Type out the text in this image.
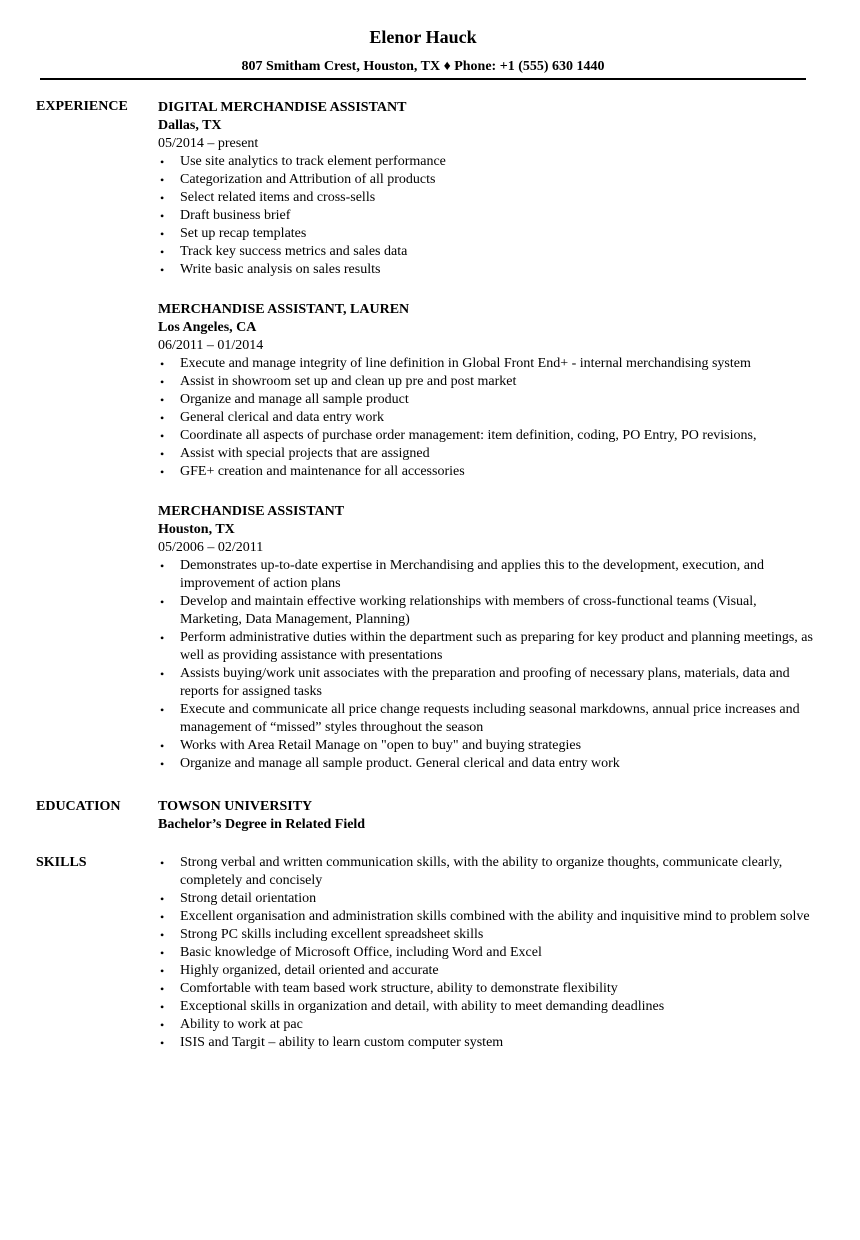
Elenor Hauck
807 Smitham Crest, Houston, TX ♦ Phone: +1 (555) 630 1440
EXPERIENCE DIGITAL MERCHANDISE ASSISTANT
Dallas, TX
05/2014 – present
• Use site analytics to track element performance
• Categorization and Attribution of all products
• Select related items and cross-sells
• Draft business brief
• Set up recap templates
• Track key success metrics and sales data
• Write basic analysis on sales results
MERCHANDISE ASSISTANT, LAUREN
Los Angeles, CA
06/2011 – 01/2014
• Execute and manage integrity of line definition in Global Front End+ - internal merchandising system
• Assist in showroom set up and clean up pre and post market
• Organize and manage all sample product
• General clerical and data entry work
• Coordinate all aspects of purchase order management: item definition, coding, PO Entry, PO revisions,
• Assist with special projects that are assigned
• GFE+ creation and maintenance for all accessories
MERCHANDISE ASSISTANT
Houston, TX
05/2006 – 02/2011
• Demonstrates up-to-date expertise in Merchandising and applies this to the development, execution, and improvement of action plans
• Develop and maintain effective working relationships with members of cross-functional teams (Visual, Marketing, Data Management, Planning)
• Perform administrative duties within the department such as preparing for key product and planning meetings, as well as providing assistance with presentations
• Assists buying/work unit associates with the preparation and proofing of necessary plans, materials, data and reports for assigned tasks
• Execute and communicate all price change requests including seasonal markdowns, annual price increases and management of “missed” styles throughout the season
• Works with Area Retail Manage on "open to buy" and buying strategies
• Organize and manage all sample product. General clerical and data entry work
EDUCATION	TOWSON UNIVERSITY
Bachelor’s Degree in Related Field
SKILLS	• Strong verbal and written communication skills, with the ability to organize thoughts, communicate clearly, completely and concisely
• Strong detail orientation
• Excellent organisation and administration skills combined with the ability and inquisitive mind to problem solve
• Strong PC skills including excellent spreadsheet skills
• Basic knowledge of Microsoft Office, including Word and Excel
• Highly organized, detail oriented and accurate
• Comfortable with team based work structure, ability to demonstrate flexibility
• Exceptional skills in organization and detail, with ability to meet demanding deadlines
• Ability to work at pac
• ISIS and Targit – ability to learn custom computer system
